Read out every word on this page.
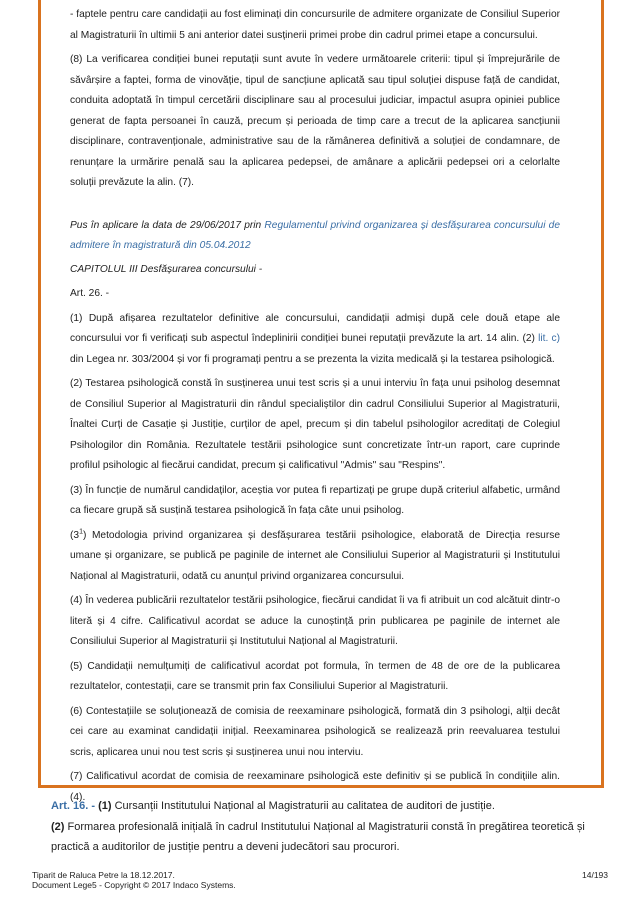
- faptele pentru care candidații au fost eliminați din concursurile de admitere organizate de Consiliul Superior al Magistraturii în ultimii 5 ani anterior datei susținerii primei probe din cadrul primei etape a concursului.

(8) La verificarea condiției bunei reputații sunt avute în vedere următoarele criterii: tipul și împrejurările de săvârșire a faptei, forma de vinovăție, tipul de sancțiune aplicată sau tipul soluției dispuse față de candidat, conduita adoptată în timpul cercetării disciplinare sau al procesului judiciar, impactul asupra opiniei publice generat de fapta persoanei în cauză, precum și perioada de timp care a trecut de la aplicarea sancțiunii disciplinare, contravenționale, administrative sau de la rămânerea definitivă a soluției de condamnare, de renunțare la urmărire penală sau la aplicarea pedepsei, de amânare a aplicării pedepsei ori a celorlalte soluții prevăzute la alin. (7).

Pus în aplicare la data de 29/06/2017 prin Regulamentul privind organizarea și desfășurarea concursului de admitere în magistratură din 05.04.2012

CAPITOLUL III Desfășurarea concursului -

Art. 26. -

(1) După afișarea rezultatelor definitive ale concursului, candidații admiși după cele două etape ale concursului vor fi verificați sub aspectul îndeplinirii condiției bunei reputații prevăzute la art. 14 alin. (2) lit. c) din Legea nr. 303/2004 și vor fi programați pentru a se prezenta la vizita medicală și la testarea psihologică.

(2) Testarea psihologică constă în susținerea unui test scris și a unui interviu în fața unui psiholog desemnat de Consiliul Superior al Magistraturii din rândul specialiștilor din cadrul Consiliului Superior al Magistraturii, Înaltei Curți de Casație și Justiție, curților de apel, precum și din tabelul psihologilor acreditați de Colegiul Psihologilor din România. Rezultatele testării psihologice sunt concretizate într-un raport, care cuprinde profilul psihologic al fiecărui candidat, precum și calificativul "Admis" sau "Respins".

(3) În funcție de numărul candidaților, aceștia vor putea fi repartizați pe grupe după criteriul alfabetic, urmând ca fiecare grupă să susțină testarea psihologică în fața câte unui psiholog.

$(3^1)$ Metodologia privind organizarea și desfășurarea testării psihologice, elaborată de Direcția resurse umane și organizare, se publică pe paginile de internet ale Consiliului Superior al Magistraturii și Institutului Național al Magistraturii, odată cu anunțul privind organizarea concursului.

(4) În vederea publicării rezultatelor testării psihologice, fiecărui candidat îi va fi atribuit un cod alcătuit dintr-o literă și 4 cifre. Calificativul acordat se aduce la cunoștință prin publicarea pe paginile de internet ale Consiliului Superior al Magistraturii și Institutului Național al Magistraturii.

(5) Candidații nemulțumiți de calificativul acordat pot formula, în termen de 48 de ore de la publicarea rezultatelor, contestații, care se transmit prin fax Consiliului Superior al Magistraturii.

(6) Contestațiile se soluționează de comisia de reexaminare psihologică, formată din 3 psihologi, alții decât cei care au examinat candidații inițial. Reexaminarea psihologică se realizează prin reevaluarea testului scris, aplicarea unui nou test scris și susținerea unui nou interviu.

(7) Calificativul acordat de comisia de reexaminare psihologică este definitiv și se publică în condițiile alin. (4).

Art. 16. - (1) Cursanții Institutului Național al Magistraturii au calitatea de auditori de justiție.
(2) Formarea profesională inițială în cadrul Institutului Național al Magistraturii constă în pregătirea teoretică și practică a auditorilor de justiție pentru a deveni judecători sau procurori.
Tiparit de Raluca Petre la 18.12.2017.
Document Lege5 - Copyright © 2017 Indaco Systems.
14/193
